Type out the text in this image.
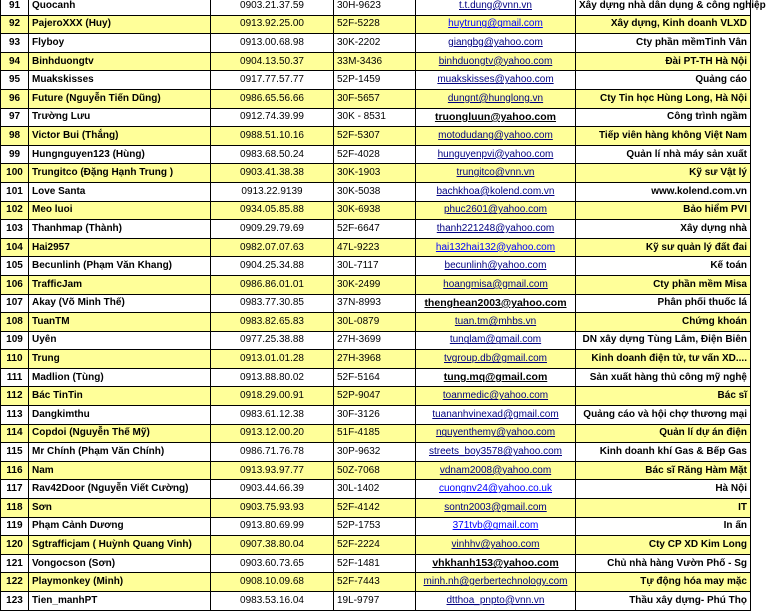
91	Quocanh	0903.21.37.59	30H-9623	t.t.dung@vnn.vn	Xây dựng nhà dân dụng & công nghiệp
92	PajeroXXX (Huy)	0913.92.25.00	52F-5228	huytrung@gmail.com	Xây dựng, Kinh doanh VLXD
93	Flyboy	0913.00.68.98	30K-2202	giangbg@yahoo.com	Cty phần mềmTinh Vân
94	Binhduongtv	0904.13.50.37	33M-3436	binhduongtv@yahoo.com	Đài PT-TH Hà Nội
95	Muakskisses	0917.77.57.77	52P-1459	muakskisses@yahoo.com	Quảng cáo
96	Future (Nguyễn Tiến Dũng)	0986.65.56.66	30F-5657	dungnt@hunglong.vn	Cty Tin học Hùng Long, Hà Nội
97	Trường Lưu	0912.74.39.99	30K - 8531	truongluun@yahoo.com	Công trình ngầm
98	Victor Bui (Thắng)	0988.51.10.16	52F-5307	motodudang@yahoo.com	Tiếp viên hàng không Việt Nam
99	Hungnguyen123 (Hùng)	0983.68.50.24	52F-4028	hunguyenpvi@yahoo.com	Quản lí nhà máy sản xuất
100	Trungitco (Đặng Hạnh Trung )	0903.41.38.38	30K-1903	trungitco@vnn.vn	Kỹ sư Vật lý
101	Love Santa	0913.22.9139	30K-5038	bachkhoa@kolend.com.vn	www.kolend.com.vn
102	Meo luoi	0934.05.85.88	30K-6938	phuc2601@yahoo.com	Bảo hiểm PVI
103	Thanhmap (Thành)	0909.29.79.69	52F-6647	thanh221248@yahoo.com	Xây dựng nhà
104	Hai2957	0982.07.07.63	47L-9223	hai132hai132@yahoo.com	Kỹ sư quản lý đất đai
105	Becunlinh (Phạm Văn Khang)	0904.25.34.88	30L-7117	becunlinh@yahoo.com	Kế toán
106	TrafficJam	0986.86.01.01	30K-2499	hoangmisa@gmail.com	Cty phần mềm Misa
107	Akay (Võ Minh Thế)	0983.77.30.85	37N-8993	thenghean2003@yahoo.com	Phân phối thuốc lá
108	TuanTM	0983.82.65.83	30L-0879	tuan.tm@mhbs.vn	Chứng khoán
109	Uyên	0977.25.38.88	27H-3699	tunglam@gmail.com	DN xây dựng Tùng Lâm, Điện Biên
110	Trung	0913.01.01.28	27H-3968	tvgroup.db@gmail.com	Kinh doanh điện tử, tư vấn XD....
111	Madlion (Tùng)	0913.88.80.02	52F-5164	tung.mq@gmail.com	Sản xuất hàng thủ công mỹ nghệ
112	Bác TinTin	0918.29.00.91	52P-9047	toanmedic@yahoo.com	Bác sĩ
113	Dangkimthu	0983.61.12.38	30F-3126	tuananhvinexad@gmail.com	Quảng cáo và hội chợ thương mại
114	Copdoi (Nguyễn Thế Mỹ)	0913.12.00.20	51F-4185	nguyenthemy@yahoo.com	Quản lí dự án điện
115	Mr Chính (Phạm Văn Chính)	0986.71.76.78	30P-9632	streets_boy3578@yahoo.com	Kinh doanh khí Gas & Bếp Gas
116	Nam	0913.93.97.77	50Z-7068	vdnam2008@yahoo.com	Bác sĩ Răng Hàm Mặt
117	Rav42Door (Nguyễn Viết Cường)	0903.44.66.39	30L-1402	cuongnv24@yahoo.co.uk	Hà Nội
118	Sơn	0903.75.93.93	52F-4142	sontn2003@gmail.com	IT
119	Phạm Cảnh Dương	0913.80.69.99	52P-1753	371tvb@gmail.com	In ấn
120	Sgtrafficjam ( Huỳnh Quang Vinh)	0907.38.80.04	52F-2224	vinhhv@yahoo.com	Cty CP XD Kim Long
121	Vongocson (Sơn)	0903.60.73.65	52F-1481	vhkhanh153@yahoo.com	Chủ nhà hàng Vườn Phố - Sg
122	Playmonkey (Minh)	0908.10.09.68	52F-7443	minh.nh@gerbertechnology.com	Tự động hóa may mặc
123	Tien_manhPT	0983.53.16.04	19L-9797	dtthoa_pnpto@vnn.vn	Thầu xây dựng- Phú Thọ
